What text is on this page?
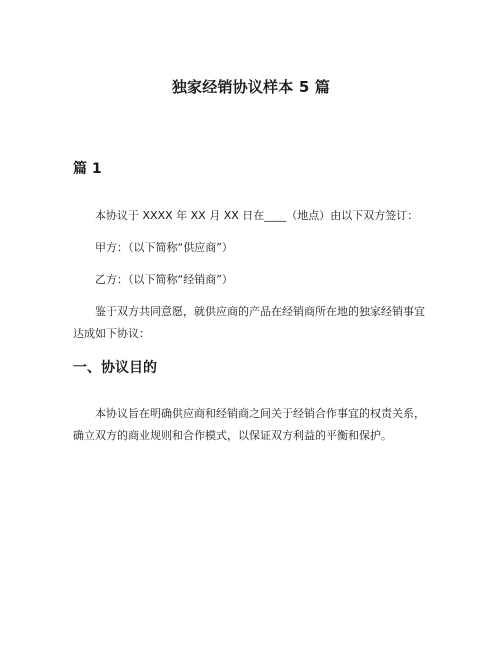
独家经销协议样本 5 篇
篇 1

本协议于 XXXX 年 XX 月 XX 日在____（地点）由以下双方签订：

甲方：（以下简称“供应商”）

乙方：（以下简称“经销商”）

鉴于双方共同意愿，就供应商的产品在经销商所在地的独家经销事宜达成如下协议：

一、协议目的

本协议旨在明确供应商和经销商之间关于经销合作事宜的权责关系，确立双方的商业规则和合作模式，以保证双方利益的平衡和保护。
